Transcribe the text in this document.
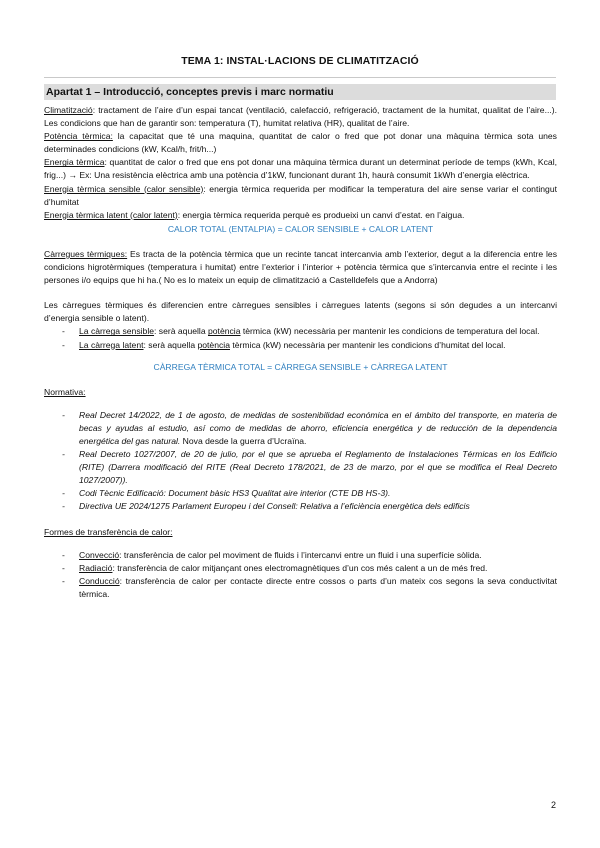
TEMA 1: INSTAL·LACIONS DE CLIMATITZACIÓ
Apartat 1 – Introducció, conceptes previs i marc normatiu

Climatització: tractament de l’aire d’un espai tancat (ventilació, calefacció, refrigeració, tractament de la humitat, qualitat de l’aire...). Les condicions que han de garantir son: temperatura (T), humitat relativa (HR), qualitat de l’aire.

Potència tèrmica: la capacitat que té una maquina, quantitat de calor o fred que pot donar una màquina tèrmica sota unes determinades condicions (kW, Kcal/h, frit/h...)

Energia tèrmica: quantitat de calor o fred que ens pot donar una màquina tèrmica durant un determinat període de temps (kWh, Kcal, frig...) → Ex: Una resistència elèctrica amb una potència d’1kW, funcionant durant 1h, haurà consumit 1kWh d’energia elèctrica.

Energia tèrmica sensible (calor sensible): energia tèrmica requerida per modificar la temperatura del aire sense variar el contingut d’humitat

Energia tèrmica latent (calor latent): energia tèrmica requerida perquè es produeixi un canvi d’estat. en l’aigua.

CALOR TOTAL (ENTALPIA) = CALOR SENSIBLE + CALOR LATENT

Càrregues tèrmiques: Es tracta de la potència tèrmica que un recinte tancat intercanvia amb l’exterior, degut a la diferencia entre les condicions higrotèrmiques (temperatura i humitat) entre l’exterior i l’interior + potència tèrmica que s’intercanvia entre el recinte i les persones i/o equips que hi ha.( No es lo mateix un equip de climatització a Castelldefels que a Andorra)

Les càrregues tèrmiques és diferencien entre càrregues sensibles i càrregues latents (segons si són degudes a un intercanvi d’energia sensible o latent).

- La càrrega sensible: serà aquella potència tèrmica (kW) necessària per mantenir les condicions de temperatura del local.
- La càrrega latent: serà aquella potència tèrmica (kW) necessària per mantenir les condicions d’humitat del local.

CÀRREGA TÈRMICA TOTAL = CÀRREGA SENSIBLE + CÀRREGA LATENT

Normativa:

- Real Decret 14/2022, de 1 de agosto, de medidas de sostenibilidad económica en el ámbito del transporte, en materia de becas y ayudas al estudio, así como de medidas de ahorro, eficiencia energética y de reducción de la dependencia energética del gas natural. Nova desde la guerra d’Ucraïna.
- Real Decreto 1027/2007, de 20 de julio, por el que se aprueba el Reglamento de Instalaciones Térmicas en los Edificio (RITE) (Darrera modificació del RITE (Real Decreto 178/2021, de 23 de marzo, por el que se modifica el Real Decreto 1027/2007)).
- Codi Tècnic Edificació: Document bàsic HS3 Qualitat aire interior (CTE DB HS-3).
- Directiva UE 2024/1275 Parlament Europeu i del Consell: Relativa a l’eficiència energètica dels edificis

Formes de transferència de calor:

- Convecció: transferència de calor pel moviment de fluids i l’intercanvi entre un fluid i una superfície sòlida.
- Radiació: transferència de calor mitjançant ones electromagnètiques d’un cos més calent a un de més fred.
- Conducció: transferència de calor per contacte directe entre cossos o parts d’un mateix cos segons la seva conductivitat tèrmica.
2
